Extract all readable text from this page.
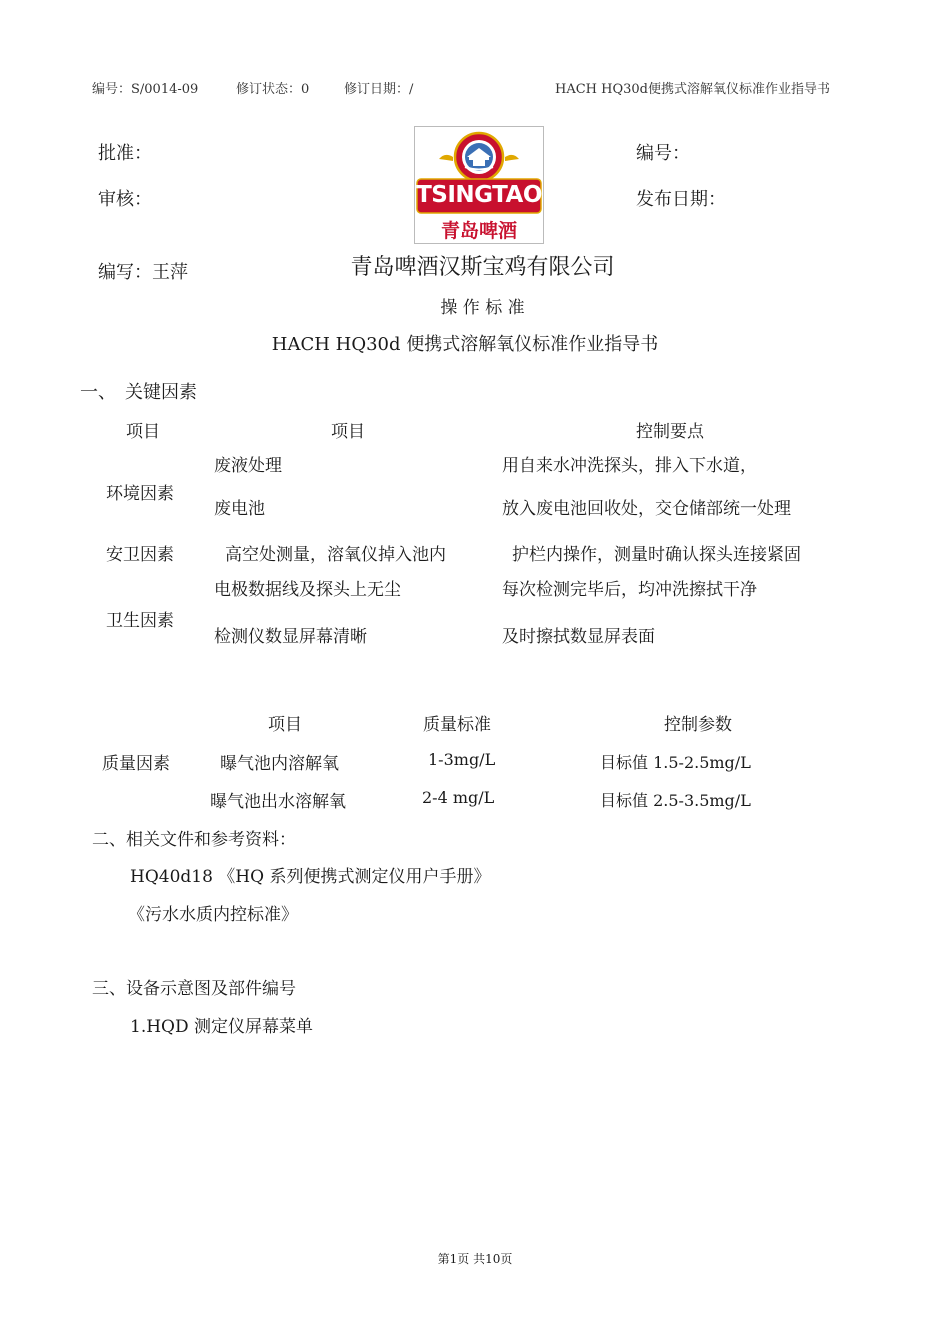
编号：S/0014-09	修订状态：0	修订日期：/	HACH HQ30d便携式溶解氧仪标准作业指导书
批准：
审核：
编写：王萍
编号：
发布日期：
TSINGTAO
青岛啤酒
青岛啤酒汉斯宝鸡有限公司
操 作 标 准
HACH HQ30d 便携式溶解氧仪标准作业指导书
一、　关键因素
项目	项目	控制要点
环境因素
废液处理	用自来水冲洗探头，排入下水道，
废电池	放入废电池回收处，交仓储部统一处理
安卫因素	高空处测量，溶氧仪掉入池内	护栏内操作，测量时确认探头连接紧固
卫生因素
电极数据线及探头上无尘	每次检测完毕后，均冲洗擦拭干净
检测仪数显屏幕清晰	及时擦拭数显屏表面
项目	质量标准	控制参数
质量因素	曝气池内溶解氧	1-3mg/L	目标值 1.5-2.5mg/L
曝气池出水溶解氧	2-4 mg/L	目标值 2.5-3.5mg/L
二、相关文件和参考资料：
HQ40d18 《HQ 系列便携式测定仪用户手册》
《污水水质内控标准》
三、设备示意图及部件编号
1.HQD 测定仪屏幕菜单
第1页 共10页
